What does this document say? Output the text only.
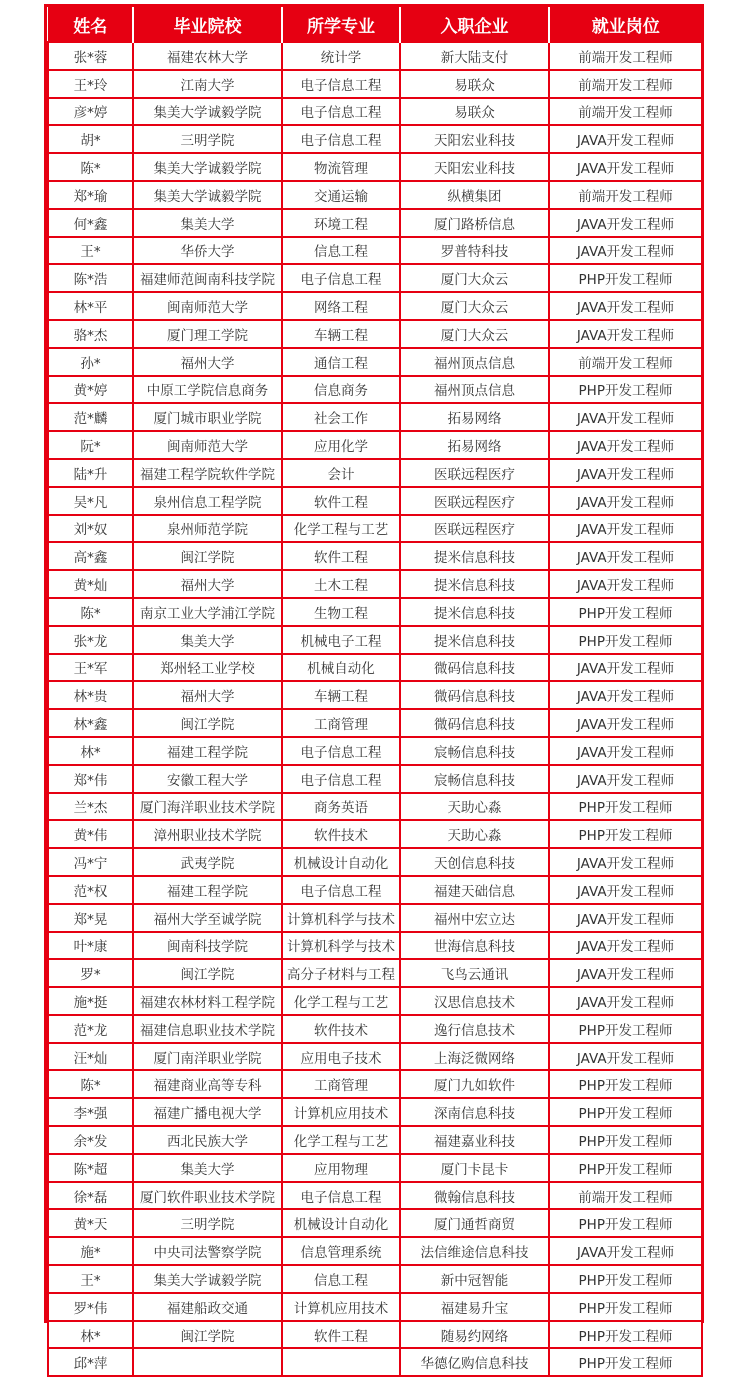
姓名	毕业院校	所学专业	入职企业	就业岗位
张*蓉	福建农林大学	统计学	新大陆支付	前端开发工程师
王*玲	江南大学	电子信息工程	易联众	前端开发工程师
彦*婷	集美大学诚毅学院	电子信息工程	易联众	前端开发工程师
胡*	三明学院	电子信息工程	天阳宏业科技	JAVA开发工程师
陈*	集美大学诚毅学院	物流管理	天阳宏业科技	JAVA开发工程师
郑*瑜	集美大学诚毅学院	交通运输	纵横集团	前端开发工程师
何*鑫	集美大学	环境工程	厦门路桥信息	JAVA开发工程师
王*	华侨大学	信息工程	罗普特科技	JAVA开发工程师
陈*浩	福建师范闽南科技学院	电子信息工程	厦门大众云	PHP开发工程师
林*平	闽南师范大学	网络工程	厦门大众云	JAVA开发工程师
骆*杰	厦门理工学院	车辆工程	厦门大众云	JAVA开发工程师
孙*	福州大学	通信工程	福州顶点信息	前端开发工程师
黄*婷	中原工学院信息商务	信息商务	福州顶点信息	PHP开发工程师
范*麟	厦门城市职业学院	社会工作	拓易网络	JAVA开发工程师
阮*	闽南师范大学	应用化学	拓易网络	JAVA开发工程师
陆*升	福建工程学院软件学院	会计	医联远程医疗	JAVA开发工程师
吴*凡	泉州信息工程学院	软件工程	医联远程医疗	JAVA开发工程师
刘*奴	泉州师范学院	化学工程与工艺	医联远程医疗	JAVA开发工程师
高*鑫	闽江学院	软件工程	提米信息科技	JAVA开发工程师
黄*灿	福州大学	土木工程	提米信息科技	JAVA开发工程师
陈*	南京工业大学浦江学院	生物工程	提米信息科技	PHP开发工程师
张*龙	集美大学	机械电子工程	提米信息科技	PHP开发工程师
王*军	郑州轻工业学校	机械自动化	微码信息科技	JAVA开发工程师
林*贵	福州大学	车辆工程	微码信息科技	JAVA开发工程师
林*鑫	闽江学院	工商管理	微码信息科技	JAVA开发工程师
林*	福建工程学院	电子信息工程	宸畅信息科技	JAVA开发工程师
郑*伟	安徽工程大学	电子信息工程	宸畅信息科技	JAVA开发工程师
兰*杰	厦门海洋职业技术学院	商务英语	天助心淼	PHP开发工程师
黄*伟	漳州职业技术学院	软件技术	天助心淼	PHP开发工程师
冯*宁	武夷学院	机械设计自动化	天创信息科技	JAVA开发工程师
范*权	福建工程学院	电子信息工程	福建天础信息	JAVA开发工程师
郑*晃	福州大学至诚学院	计算机科学与技术	福州中宏立达	JAVA开发工程师
叶*康	闽南科技学院	计算机科学与技术	世海信息科技	JAVA开发工程师
罗*	闽江学院	高分子材料与工程	飞鸟云通讯	JAVA开发工程师
施*挺	福建农林材料工程学院	化学工程与工艺	汉思信息技术	JAVA开发工程师
范*龙	福建信息职业技术学院	软件技术	逸行信息技术	PHP开发工程师
汪*灿	厦门南洋职业学院	应用电子技术	上海泛微网络	JAVA开发工程师
陈*	福建商业高等专科	工商管理	厦门九如软件	PHP开发工程师
李*强	福建广播电视大学	计算机应用技术	深南信息科技	PHP开发工程师
余*发	西北民族大学	化学工程与工艺	福建嘉业科技	PHP开发工程师
陈*超	集美大学	应用物理	厦门卡昆卡	PHP开发工程师
徐*磊	厦门软件职业技术学院	电子信息工程	微翰信息科技	前端开发工程师
黄*天	三明学院	机械设计自动化	厦门通哲商贸	PHP开发工程师
施*	中央司法警察学院	信息管理系统	法信维途信息科技	JAVA开发工程师
王*	集美大学诚毅学院	信息工程	新中冠智能	PHP开发工程师
罗*伟	福建船政交通	计算机应用技术	福建易升宝	PHP开发工程师
林*	闽江学院	软件工程	随易约网络	PHP开发工程师
邱*萍			华德亿购信息科技	PHP开发工程师
